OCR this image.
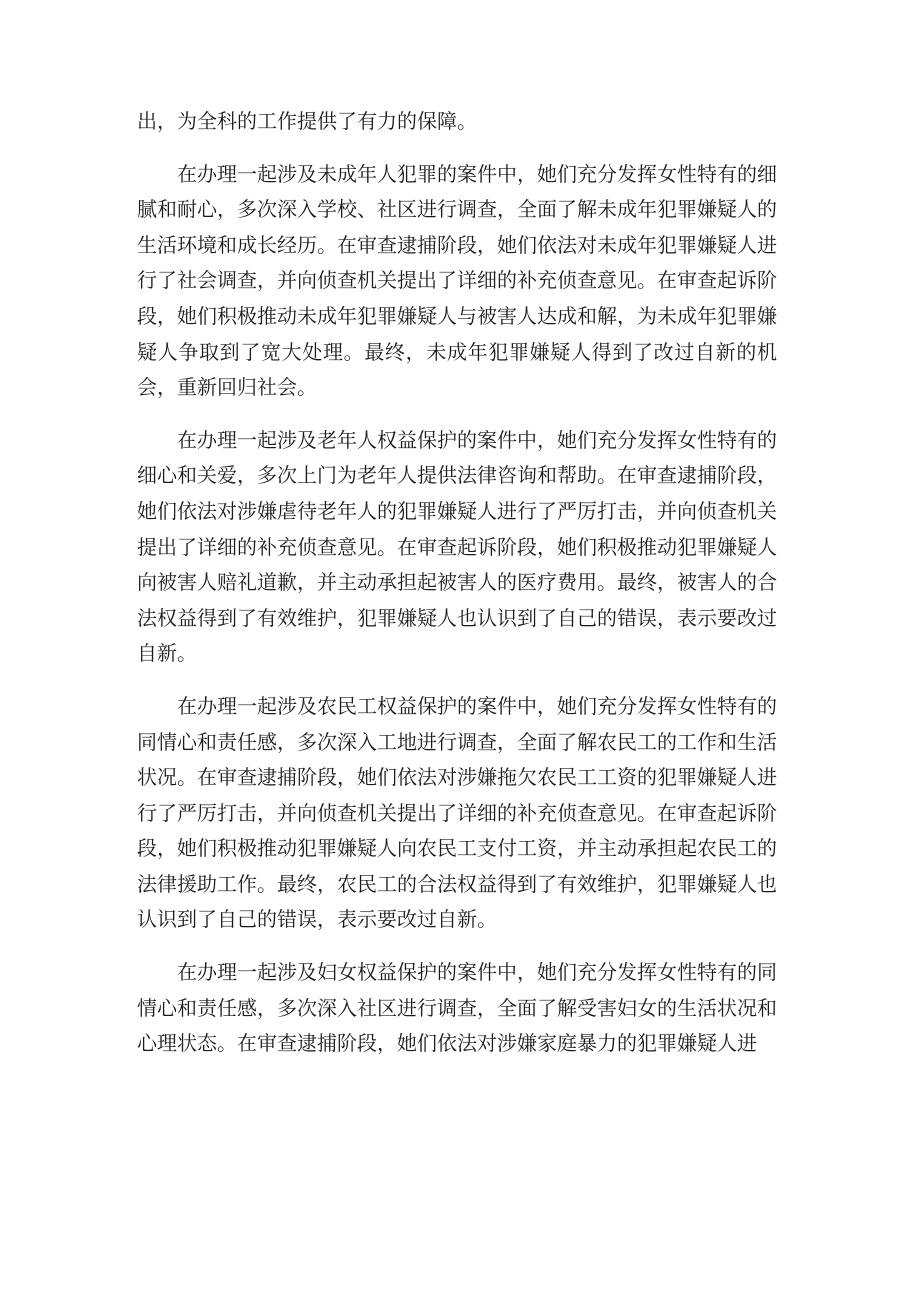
出，为全科的工作提供了有力的保障。

在办理一起涉及未成年人犯罪的案件中，她们充分发挥女性特有的细腻和耐心，多次深入学校、社区进行调查，全面了解未成年犯罪嫌疑人的生活环境和成长经历。在审查逮捕阶段，她们依法对未成年犯罪嫌疑人进行了社会调查，并向侦查机关提出了详细的补充侦查意见。在审查起诉阶段，她们积极推动未成年犯罪嫌疑人与被害人达成和解，为未成年犯罪嫌疑人争取到了宽大处理。最终，未成年犯罪嫌疑人得到了改过自新的机会，重新回归社会。

在办理一起涉及老年人权益保护的案件中，她们充分发挥女性特有的细心和关爱，多次上门为老年人提供法律咨询和帮助。在审查逮捕阶段，她们依法对涉嫌虐待老年人的犯罪嫌疑人进行了严厉打击，并向侦查机关提出了详细的补充侦查意见。在审查起诉阶段，她们积极推动犯罪嫌疑人向被害人赔礼道歉，并主动承担起被害人的医疗费用。最终，被害人的合法权益得到了有效维护，犯罪嫌疑人也认识到了自己的错误，表示要改过自新。

在办理一起涉及农民工权益保护的案件中，她们充分发挥女性特有的同情心和责任感，多次深入工地进行调查，全面了解农民工的工作和生活状况。在审查逮捕阶段，她们依法对涉嫌拖欠农民工工资的犯罪嫌疑人进行了严厉打击，并向侦查机关提出了详细的补充侦查意见。在审查起诉阶段，她们积极推动犯罪嫌疑人向农民工支付工资，并主动承担起农民工的法律援助工作。最终，农民工的合法权益得到了有效维护，犯罪嫌疑人也认识到了自己的错误，表示要改过自新。

在办理一起涉及妇女权益保护的案件中，她们充分发挥女性特有的同情心和责任感，多次深入社区进行调查，全面了解受害妇女的生活状况和心理状态。在审查逮捕阶段，她们依法对涉嫌家庭暴力的犯罪嫌疑人进
